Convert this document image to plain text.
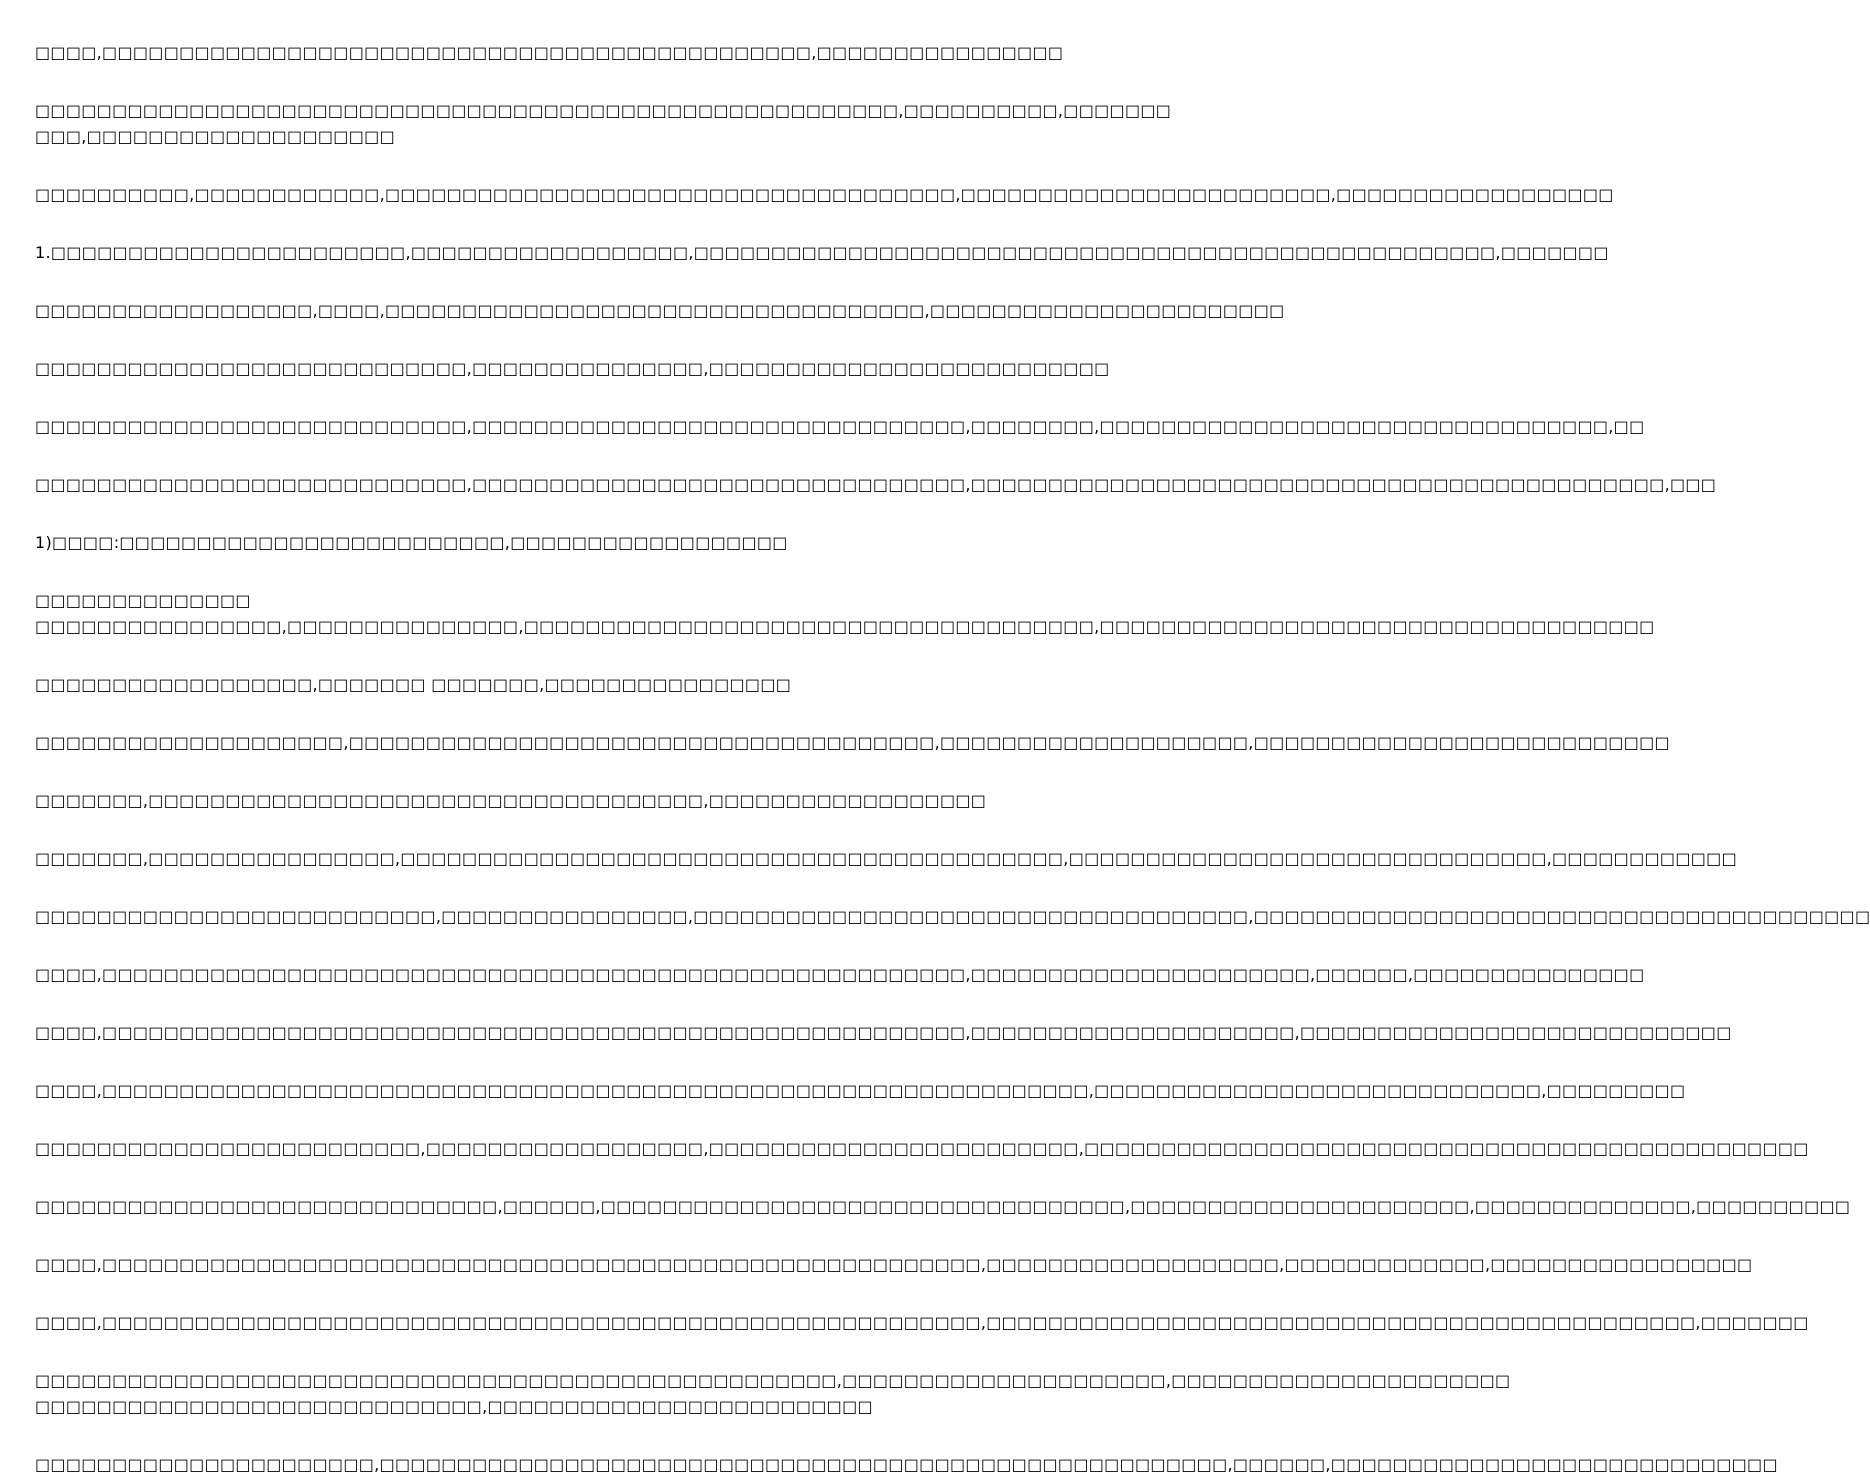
□□□□,□□□□□□□□□□□□□□□□□□□□□□□□□□□□□□□□□□□□□□□□□□□□□□,□□□□□□□□□□□□□□□□

□□□□□□□□□□□□□□□□□□□□□□□□□□□□□□□□□□□□□□□□□□□□□□□□□□□□□□□□,□□□□□□□□□□,□□□□□□□
□□□,□□□□□□□□□□□□□□□□□□□□

□□□□□□□□□□,□□□□□□□□□□□□,□□□□□□□□□□□□□□□□□□□□□□□□□□□□□□□□□□□□□,□□□□□□□□□□□□□□□□□□□□□□□□,□□□□□□□□□□□□□□□□□□

1.□□□□□□□□□□□□□□□□□□□□□□□,□□□□□□□□□□□□□□□□□□,□□□□□□□□□□□□□□□□□□□□□□□□□□□□□□□□□□□□□□□□□□□□□□□□□□□□,□□□□□□□

□□□□□□□□□□□□□□□□□□,□□□□,□□□□□□□□□□□□□□□□□□□□□□□□□□□□□□□□□□□,□□□□□□□□□□□□□□□□□□□□□□□

□□□□□□□□□□□□□□□□□□□□□□□□□□□□,□□□□□□□□□□□□□□□,□□□□□□□□□□□□□□□□□□□□□□□□□□

□□□□□□□□□□□□□□□□□□□□□□□□□□□□,□□□□□□□□□□□□□□□□□□□□□□□□□□□□□□□□,□□□□□□□□,□□□□□□□□□□□□□□□□□□□□□□□□□□□□□□□□□,□□

□□□□□□□□□□□□□□□□□□□□□□□□□□□□,□□□□□□□□□□□□□□□□□□□□□□□□□□□□□□□□,□□□□□□□□□□□□□□□□□□□□□□□□□□□□□□□□□□□□□□□□□□□□□,□□□

1)□□□□:□□□□□□□□□□□□□□□□□□□□□□□□□,□□□□□□□□□□□□□□□□□□

□□□□□□□□□□□□□□

□□□□□□□□□□□□□□□□,□□□□□□□□□□□□□□□,□□□□□□□□□□□□□□□□□□□□□□□□□□□□□□□□□□□□□,□□□□□□□□□□□□□□□□□□□□□□□□□□□□□□□□□□□□

□□□□□□□□□□□□□□□□□□,□□□□□□□ □□□□□□□,□□□□□□□□□□□□□□□□

□□□□□□□□□□□□□□□□□□□□,□□□□□□□□□□□□□□□□□□□□□□□□□□□□□□□□□□□□□□,□□□□□□□□□□□□□□□□□□□□,□□□□□□□□□□□□□□□□□□□□□□□□□□□

□□□□□□□,□□□□□□□□□□□□□□□□□□□□□□□□□□□□□□□□□□□□,□□□□□□□□□□□□□□□□□□

□□□□□□□,□□□□□□□□□□□□□□□□,□□□□□□□□□□□□□□□□□□□□□□□□□□□□□□□□□□□□□□□□□□□,□□□□□□□□□□□□□□□□□□□□□□□□□□□□□□□,□□□□□□□□□□□□

□□□□□□□□□□□□□□□□□□□□□□□□□□,□□□□□□□□□□□□□□□□,□□□□□□□□□□□□□□□□□□□□□□□□□□□□□□□□□□□□,□□□□□□□□□□□□□□□□□□□□□□□□□□□□□□□□□□□□□□□□

□□□□,□□□□□□□□□□□□□□□□□□□□□□□□□□□□□□□□□□□□□□□□□□□□□□□□□□□□□□□□,□□□□□□□□□□□□□□□□□□□□□□,□□□□□□,□□□□□□□□□□□□□□□

□□□□,□□□□□□□□□□□□□□□□□□□□□□□□□□□□□□□□□□□□□□□□□□□□□□□□□□□□□□□□,□□□□□□□□□□□□□□□□□□□□□,□□□□□□□□□□□□□□□□□□□□□□□□□□□□

□□□□,□□□□□□□□□□□□□□□□□□□□□□□□□□□□□□□□□□□□□□□□□□□□□□□□□□□□□□□□□□□□□□□□,□□□□□□□□□□□□□□□□□□□□□□□□□□□□□,□□□□□□□□□

□□□□□□□□□□□□□□□□□□□□□□□□□,□□□□□□□□□□□□□□□□□□,□□□□□□□□□□□□□□□□□□□□□□□□,□□□□□□□□□□□□□□□□□□□□□□□□□□□□□□□□□□□□□□□□□□□□□□□

□□□□□□□□□□□□□□□□□□□□□□□□□□□□□□,□□□□□□,□□□□□□□□□□□□□□□□□□□□□□□□□□□□□□□□□□,□□□□□□□□□□□□□□□□□□□□□□,□□□□□□□□□□□□□□,□□□□□□□□□□

□□□□,□□□□□□□□□□□□□□□□□□□□□□□□□□□□□□□□□□□□□□□□□□□□□□□□□□□□□□□□□,□□□□□□□□□□□□□□□□□□□,□□□□□□□□□□□□□,□□□□□□□□□□□□□□□□□

□□□□,□□□□□□□□□□□□□□□□□□□□□□□□□□□□□□□□□□□□□□□□□□□□□□□□□□□□□□□□□,□□□□□□□□□□□□□□□□□□□□□□□□□□□□□□□□□□□□□□□□□□□□□□,□□□□□□□

□□□□□□□□□□□□□□□□□□□□□□□□□□□□□□□□□□□□□□□□□□□□□□□□□□□□,□□□□□□□□□□□□□□□□□□□□□,□□□□□□□□□□□□□□□□□□□□□□
□□□□□□□□□□□□□□□□□□□□□□□□□□□□□,□□□□□□□□□□□□□□□□□□□□□□□□□

□□□□□□□□□□□□□□□□□□□□□□,□□□□□□□□□□□□□□□□□□□□□□□□□□□□□□□□□□□□□□□□□□□□□□□□□□□□□□□,□□□□□□,□□□□□□□□□□□□□□□□□□□□□□□□□□□□□
